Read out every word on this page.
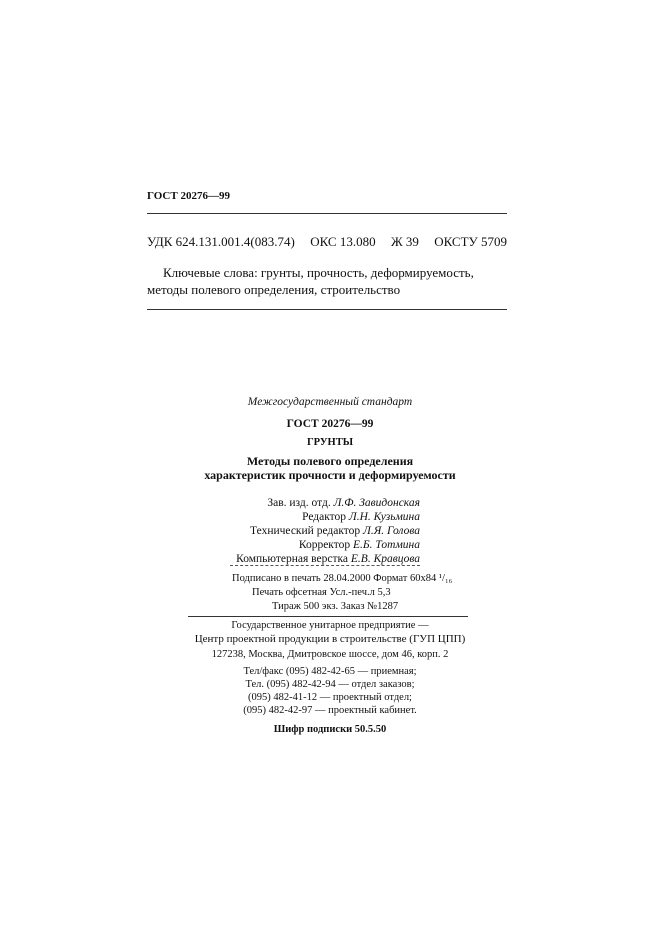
ГОСТ 20276—99
УДК 624.131.001.4(083.74) ОКС 13.080 Ж 39 ОКСТУ 5709
Ключевые слова: грунты, прочность, деформируемость, методы полевого определения, строительство
Межгосударственный стандарт
ГОСТ 20276—99
ГРУНТЫ
Методы полевого определения
характеристик прочности и деформируемости
Зав. изд. отд. Л.Ф. Завидонская
Редактор Л.Н. Кузьмина
Технический редактор Л.Я. Голова
Корректор Е.Б. Тотмина
Компьютерная верстка Е.В. Кравцова
Подписано в печать 28.04.2000 Формат 60х84 ¹/₁₆
Печать офсетная Усл.-печ.л 5,3
Тираж 500 экз. Заказ №1287
Государственное унитарное предприятие —
Центр проектной продукции в строительстве (ГУП ЦПП)
127238, Москва, Дмитровское шоссе, дом 46, корп. 2
Тел/факс (095) 482-42-65 — приемная;
Тел. (095) 482-42-94 — отдел заказов;
(095) 482-41-12 — проектный отдел;
(095) 482-42-97 — проектный кабинет.
Шифр подписки 50.5.50
